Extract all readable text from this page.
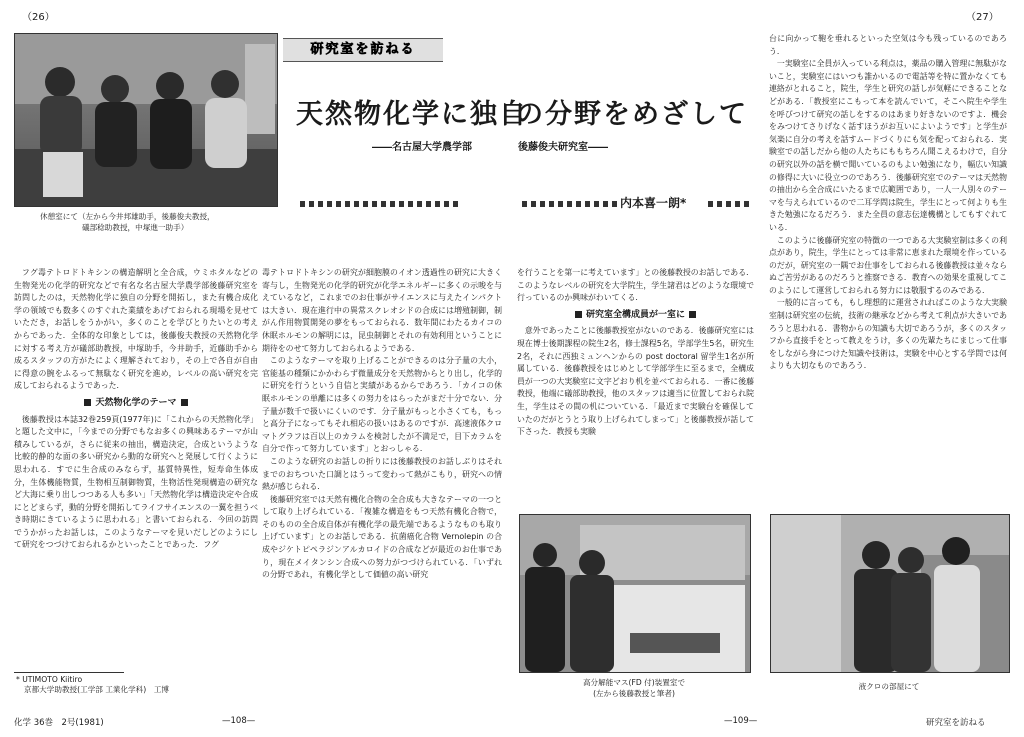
（26）	（27）
休憩室にて（左から今井邦雄助手，後藤俊夫教授，
礒部稔助教授，中塚進一助手）
研究室を訪ねる
天然物化学に独自
の分野をめざして
――名古屋大学農学部	後藤俊夫研究室――
内本喜一朗*

フグ毒テトロドトキシンの構造解明と全合成，ウミホタルなどの生物発光の化学的研究などで有名な名古屋大学農学部後藤研究室を訪問したのは，天然物化学に独自の分野を開拓し，また有機合成化学の領域でも数多くのすぐれた業績をあげておられる現場を見せていただき，お話しをうかがい，多くのことを学びとりたいとの考えからであった．全体的な印象としては，後藤俊夫教授の天然物化学に対する考え方が礒部助教授，中塚助手，今井助手，近藤助手から成るスタッフの方がたによく理解されており，その上で各自が自由に得意の腕をふるって無駄なく研究を進め，レベルの高い研究を完成しておられるようであった．

天然物化学のテーマ

後藤教授は本誌32巻259頁(1977年)に「これからの天然物化学」と題した文中に，「今までの分野でもなお多くの興味あるテーマが山積みしているが，さらに従来の抽出，構造決定，合成というような比較的静的な面の多い研究から動的な研究へと発展して行くように思われる．すでに生合成のみならず，基質特異性，短寿命生体成分，生体機能物質，生物相互制御物質，生物活性発現構造の研究など大海に乗り出しつつある人も多い」「天然物化学は構造決定や合成にとどまらず，動的分野を開拓してライフサイエンスの一翼を担うべき時期にきているように思われる」と書いておられる．今回の訪問でうかがったお話しは，このようなテーマを見いだしどのようにして研究をつづけておられるかといったことであった．フグ

* UTIMOTO Kiitiro
京都大学助教授(工学部 工業化学科)　工博

毒テトロドトキシンの研究が細胞膜のイオン透過性の研究に大きく寄与し，生物発光の化学的研究が化学エネルギーに多くの示唆を与えているなど，これまでのお仕事がサイエンスに与えたインパクトは大きい．現在進行中の異常スクレオシドの合成には増殖制御，制がん作用物質開発の夢をもっておられる．数年間にわたるカイコの休眠ホルモンの解明には，昆虫制御とそれの有効利用ということに期待をのせて努力しておられるようである．

このようなテーマを取り上げることができるのは分子量の大小，官能基の種類にかかわらず微量成分を天然物からとり出し，化学的に研究を行うという自信と実績があるからであろう．「カイコの休眠ホルモンの単離には多くの努力をはらったがまだ十分でない．分子量が数千で扱いにくいのです．分子量がもっと小さくても，もっと高分子になってもそれ相応の扱いはあるのですが．高速液体クロマトグラフは百以上のカラムを検討したが不満足で，目下カラムを自分で作って努力しています」とおっしゃる．

このような研究のお話しの折りには後藤教授のお話しぶりはそれまでのおちついた口調とはうって変わって熱がこもり，研究への情熱が感じられる．

後藤研究室では天然有機化合物の全合成も大きなテーマの一つとして取り上げられている．「複雑な構造をもつ天然有機化合物で，そのものの全合成自体が有機化学の最先端であるようなものも取り上げています」とのお話しである．抗菌癌化合物 Vernolepin の合成やジケトピペラジンアルカロイドの合成などが最近のお仕事であり，現在メイタンシン合成への努力がつづけられている．「いずれの分野であれ，有機化学として価値の高い研究

を行うことを第一に考えています」との後藤教授のお話しである．このようなレベルの研究を大学院生，学生諸君はどのような環境で行っているのか興味がわいてくる．

研究室全構成員が一室に

意外であったことに後藤教授室がないのである．後藤研究室には現在博士後期課程の院生2名，修士課程5名，学部学生5名，研究生2名，それに西独ミュンヘンからの post doctoral 留学生1名が所属している．後藤教授をはじめとして学部学生に至るまで，全構成員が一つの大実験室に文字どおり机を並べておられる．一番に後藤教授，他端に礒部助教授，他のスタッフは適当に位置しておられ院生，学生はその間の机についている．「最近まで実験台を確保していたのだがとうとう取り上げられてしまって」と後藤教授が話して下さった．教授も実験

台に向かって鞄を垂れるといった空気は今も残っているのであろう．

一実験室に全員が入っている利点は，薬品の購入管理に無駄がないこと，実験室にはいつも誰かいるので電話等を特に置かなくても連絡がとれること，院生，学生と研究の話しが気軽にできることなどがある．「教授室にこもって本を読んでいて，そこへ院生や学生を呼びつけて研究の話しをするのはあまり好きないのですよ．機会をみつけてさりげなく話すほうがお互いによいようです」と学生が気楽に自分の考えを話すムードづくりにも気を配っておられる．実験室での話しだから他の人たちにももちろん聞こえるわけで，自分の研究以外の話を横で聞いているのもよい勉強になり，幅広い知識の修得に大いに役立つのであろう．後藤研究室でのテーマは天然物の抽出から全合成にいたるまで広範囲であり，一人一人別々のテーマを与えられているので二耳学問は院生，学生にとって何よりも生きた勉強になるだろう．また全員の意志伝達機構としてもすぐれている．

このように後藤研究室の特徴の一つである大実験室制は多くの利点があり，院生，学生にとっては非常に恵まれた環境を作っているのだが，研究室の一隅でお仕事をしておられる後藤教授は並々ならぬご苦労があるのだろうと推察できる．教育への効果を重視してこのようにして運営しておられる努力には敬服するのみである．

一般的に言っても，もし理想的に運営されればこのような大実験室制は研究室の伝統，技術の継承などから考えて利点が大きいであろうと思われる．書物からの知識も大切であろうが，多くのスタッフから直接手をとって教えをうけ，多くの先輩たちにまじって仕事をしながら身につけた知識や技術は，実験を中心とする学問では何よりも大切なものであろう．

高分解能マス(FD 付)装置室で
(左から後藤教授と筆者)
液クロの部屋にて
化学 36巻　2号(1981)	—108—	—109—	研究室を訪ねる
